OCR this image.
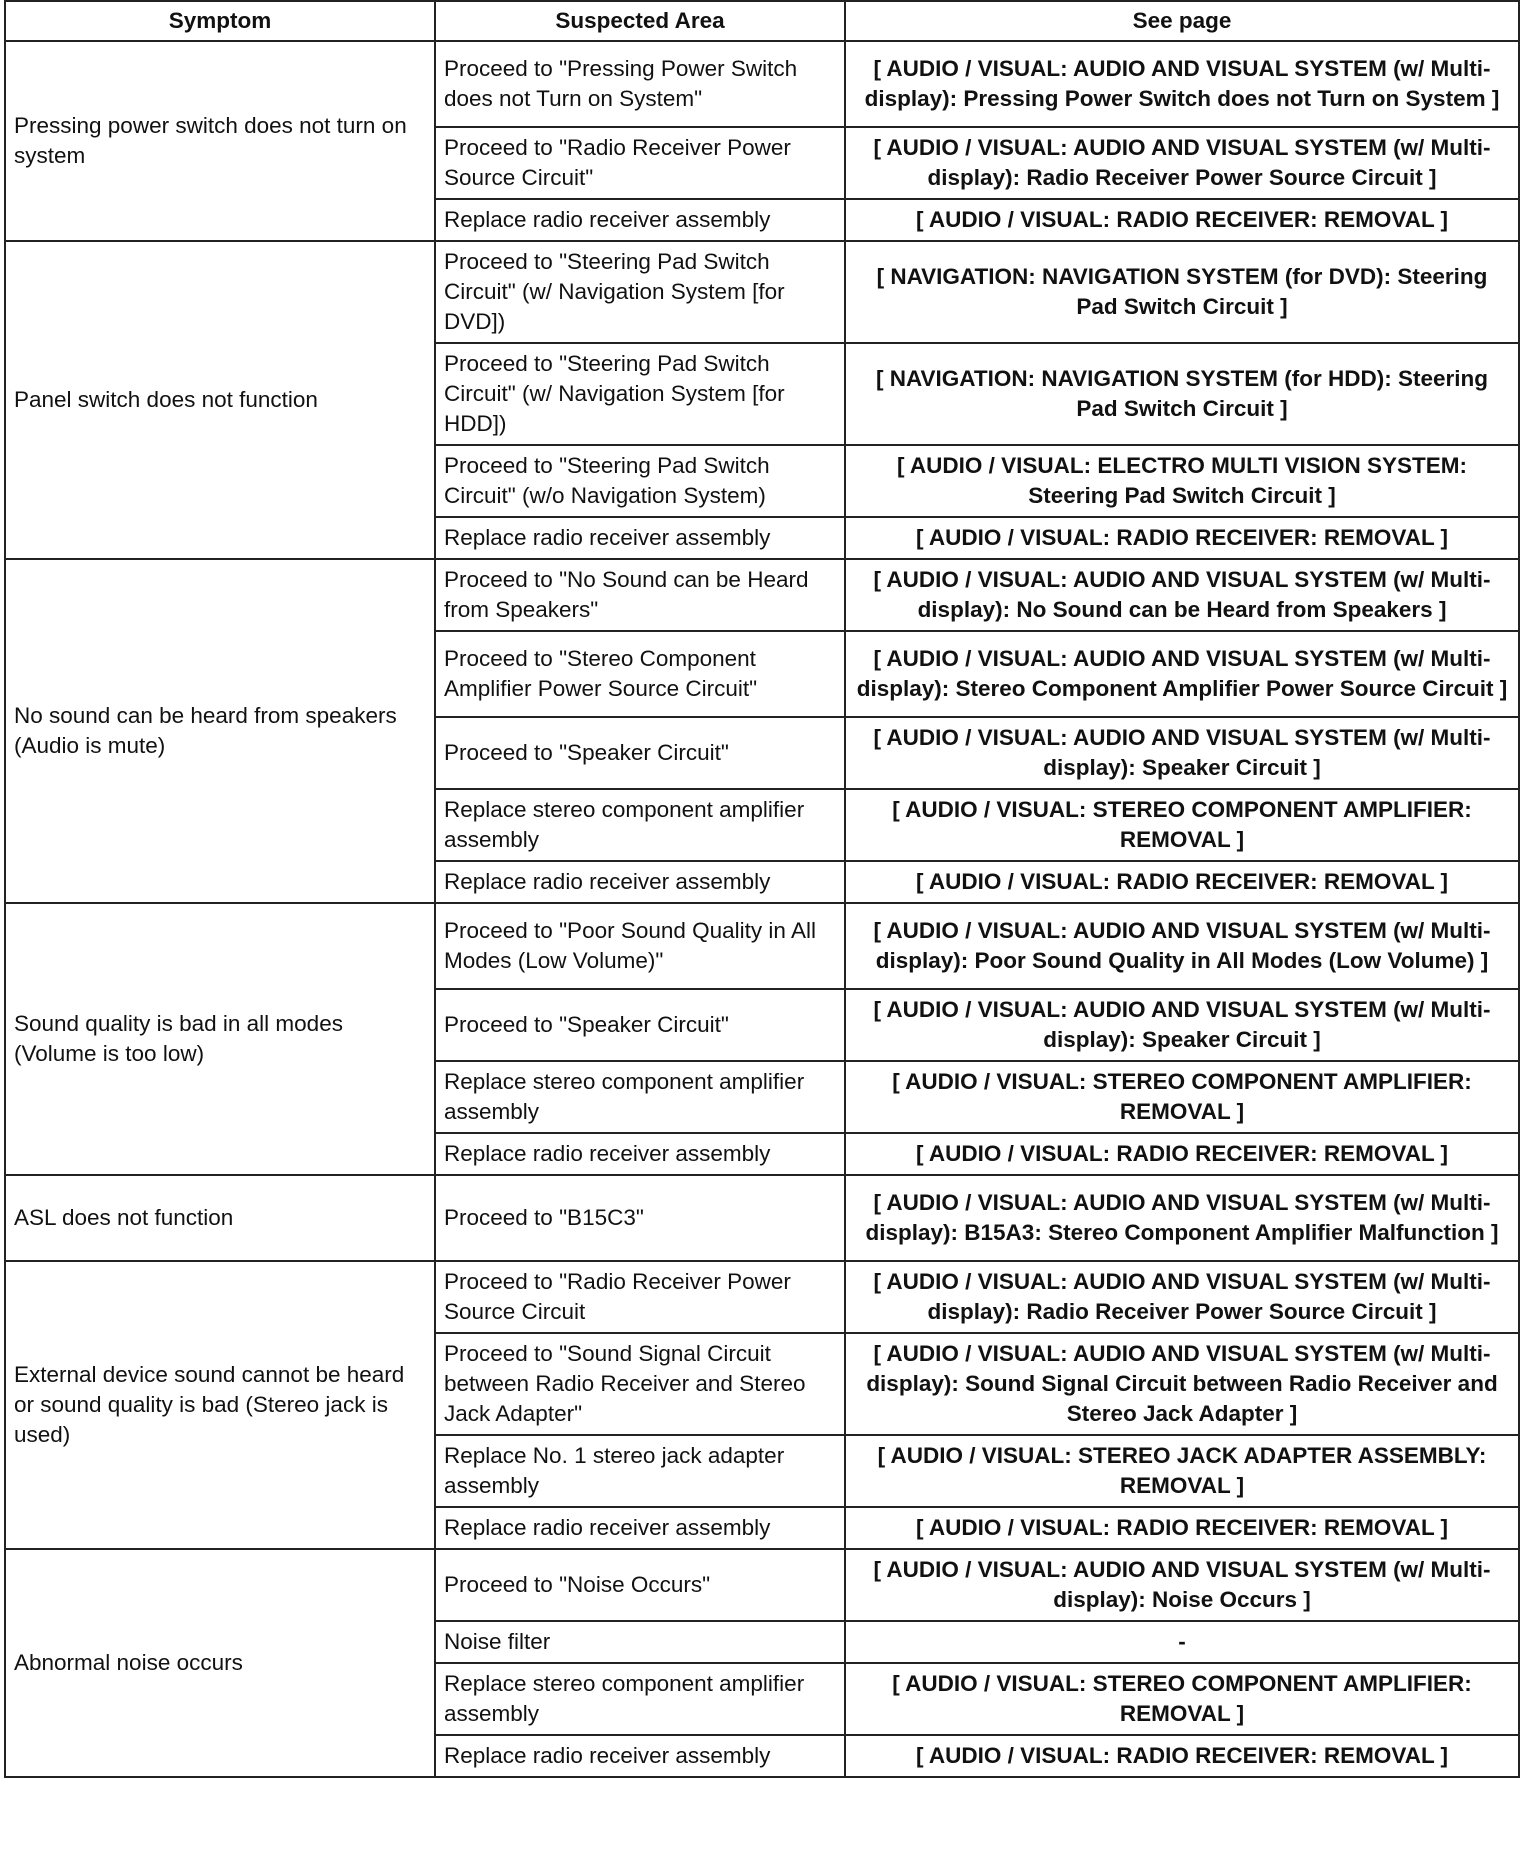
Symptom	Suspected Area	See page
Pressing power switch does not turn on system	Proceed to "Pressing Power Switch does not Turn on System"	[ AUDIO / VISUAL: AUDIO AND VISUAL SYSTEM (w/ Multi-display): Pressing Power Switch does not Turn on System ]
	Proceed to "Radio Receiver Power Source Circuit"	[ AUDIO / VISUAL: AUDIO AND VISUAL SYSTEM (w/ Multi-display): Radio Receiver Power Source Circuit ]
	Replace radio receiver assembly	[ AUDIO / VISUAL: RADIO RECEIVER: REMOVAL ]
Panel switch does not function	Proceed to "Steering Pad Switch Circuit" (w/ Navigation System [for DVD])	[ NAVIGATION: NAVIGATION SYSTEM (for DVD): Steering Pad Switch Circuit ]
	Proceed to "Steering Pad Switch Circuit" (w/ Navigation System [for HDD])	[ NAVIGATION: NAVIGATION SYSTEM (for HDD): Steering Pad Switch Circuit ]
	Proceed to "Steering Pad Switch Circuit" (w/o Navigation System)	[ AUDIO / VISUAL: ELECTRO MULTI VISION SYSTEM: Steering Pad Switch Circuit ]
	Replace radio receiver assembly	[ AUDIO / VISUAL: RADIO RECEIVER: REMOVAL ]
No sound can be heard from speakers (Audio is mute)	Proceed to "No Sound can be Heard from Speakers"	[ AUDIO / VISUAL: AUDIO AND VISUAL SYSTEM (w/ Multi-display): No Sound can be Heard from Speakers ]
	Proceed to "Stereo Component Amplifier Power Source Circuit"	[ AUDIO / VISUAL: AUDIO AND VISUAL SYSTEM (w/ Multi-display): Stereo Component Amplifier Power Source Circuit ]
	Proceed to "Speaker Circuit"	[ AUDIO / VISUAL: AUDIO AND VISUAL SYSTEM (w/ Multi-display): Speaker Circuit ]
	Replace stereo component amplifier assembly	[ AUDIO / VISUAL: STEREO COMPONENT AMPLIFIER: REMOVAL ]
	Replace radio receiver assembly	[ AUDIO / VISUAL: RADIO RECEIVER: REMOVAL ]
Sound quality is bad in all modes (Volume is too low)	Proceed to "Poor Sound Quality in All Modes (Low Volume)"	[ AUDIO / VISUAL: AUDIO AND VISUAL SYSTEM (w/ Multi-display): Poor Sound Quality in All Modes (Low Volume) ]
	Proceed to "Speaker Circuit"	[ AUDIO / VISUAL: AUDIO AND VISUAL SYSTEM (w/ Multi-display): Speaker Circuit ]
	Replace stereo component amplifier assembly	[ AUDIO / VISUAL: STEREO COMPONENT AMPLIFIER: REMOVAL ]
	Replace radio receiver assembly	[ AUDIO / VISUAL: RADIO RECEIVER: REMOVAL ]
ASL does not function	Proceed to "B15C3"	[ AUDIO / VISUAL: AUDIO AND VISUAL SYSTEM (w/ Multi-display): B15A3: Stereo Component Amplifier Malfunction ]
External device sound cannot be heard or sound quality is bad (Stereo jack is used)	Proceed to "Radio Receiver Power Source Circuit	[ AUDIO / VISUAL: AUDIO AND VISUAL SYSTEM (w/ Multi-display): Radio Receiver Power Source Circuit ]
	Proceed to "Sound Signal Circuit between Radio Receiver and Stereo Jack Adapter"	[ AUDIO / VISUAL: AUDIO AND VISUAL SYSTEM (w/ Multi-display): Sound Signal Circuit between Radio Receiver and Stereo Jack Adapter ]
	Replace No. 1 stereo jack adapter assembly	[ AUDIO / VISUAL: STEREO JACK ADAPTER ASSEMBLY: REMOVAL ]
	Replace radio receiver assembly	[ AUDIO / VISUAL: RADIO RECEIVER: REMOVAL ]
Abnormal noise occurs	Proceed to "Noise Occurs"	[ AUDIO / VISUAL: AUDIO AND VISUAL SYSTEM (w/ Multi-display): Noise Occurs ]
	Noise filter	-
	Replace stereo component amplifier assembly	[ AUDIO / VISUAL: STEREO COMPONENT AMPLIFIER: REMOVAL ]
	Replace radio receiver assembly	[ AUDIO / VISUAL: RADIO RECEIVER: REMOVAL ]
